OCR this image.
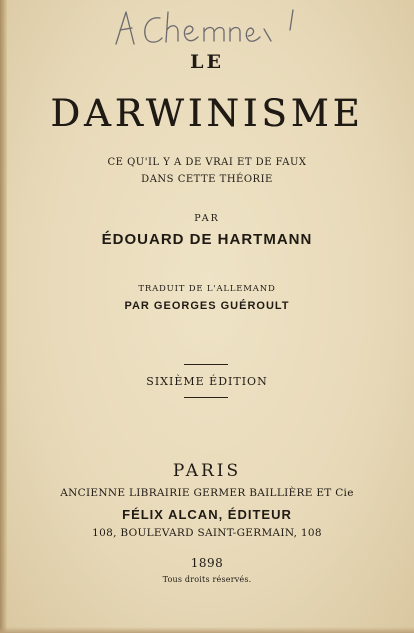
LE
DARWINISME
CE QU'IL Y A DE VRAI ET DE FAUX
DANS CETTE THÉORIE
PAR
ÉDOUARD DE HARTMANN
TRADUIT DE L'ALLEMAND
PAR GEORGES GUÉROULT
SIXIÈME ÉDITION
PARIS
ANCIENNE LIBRAIRIE GERMER BAILLIÈRE ET Cie
FÉLIX ALCAN, ÉDITEUR
108, BOULEVARD SAINT-GERMAIN, 108
1898
Tous droits réservés.
